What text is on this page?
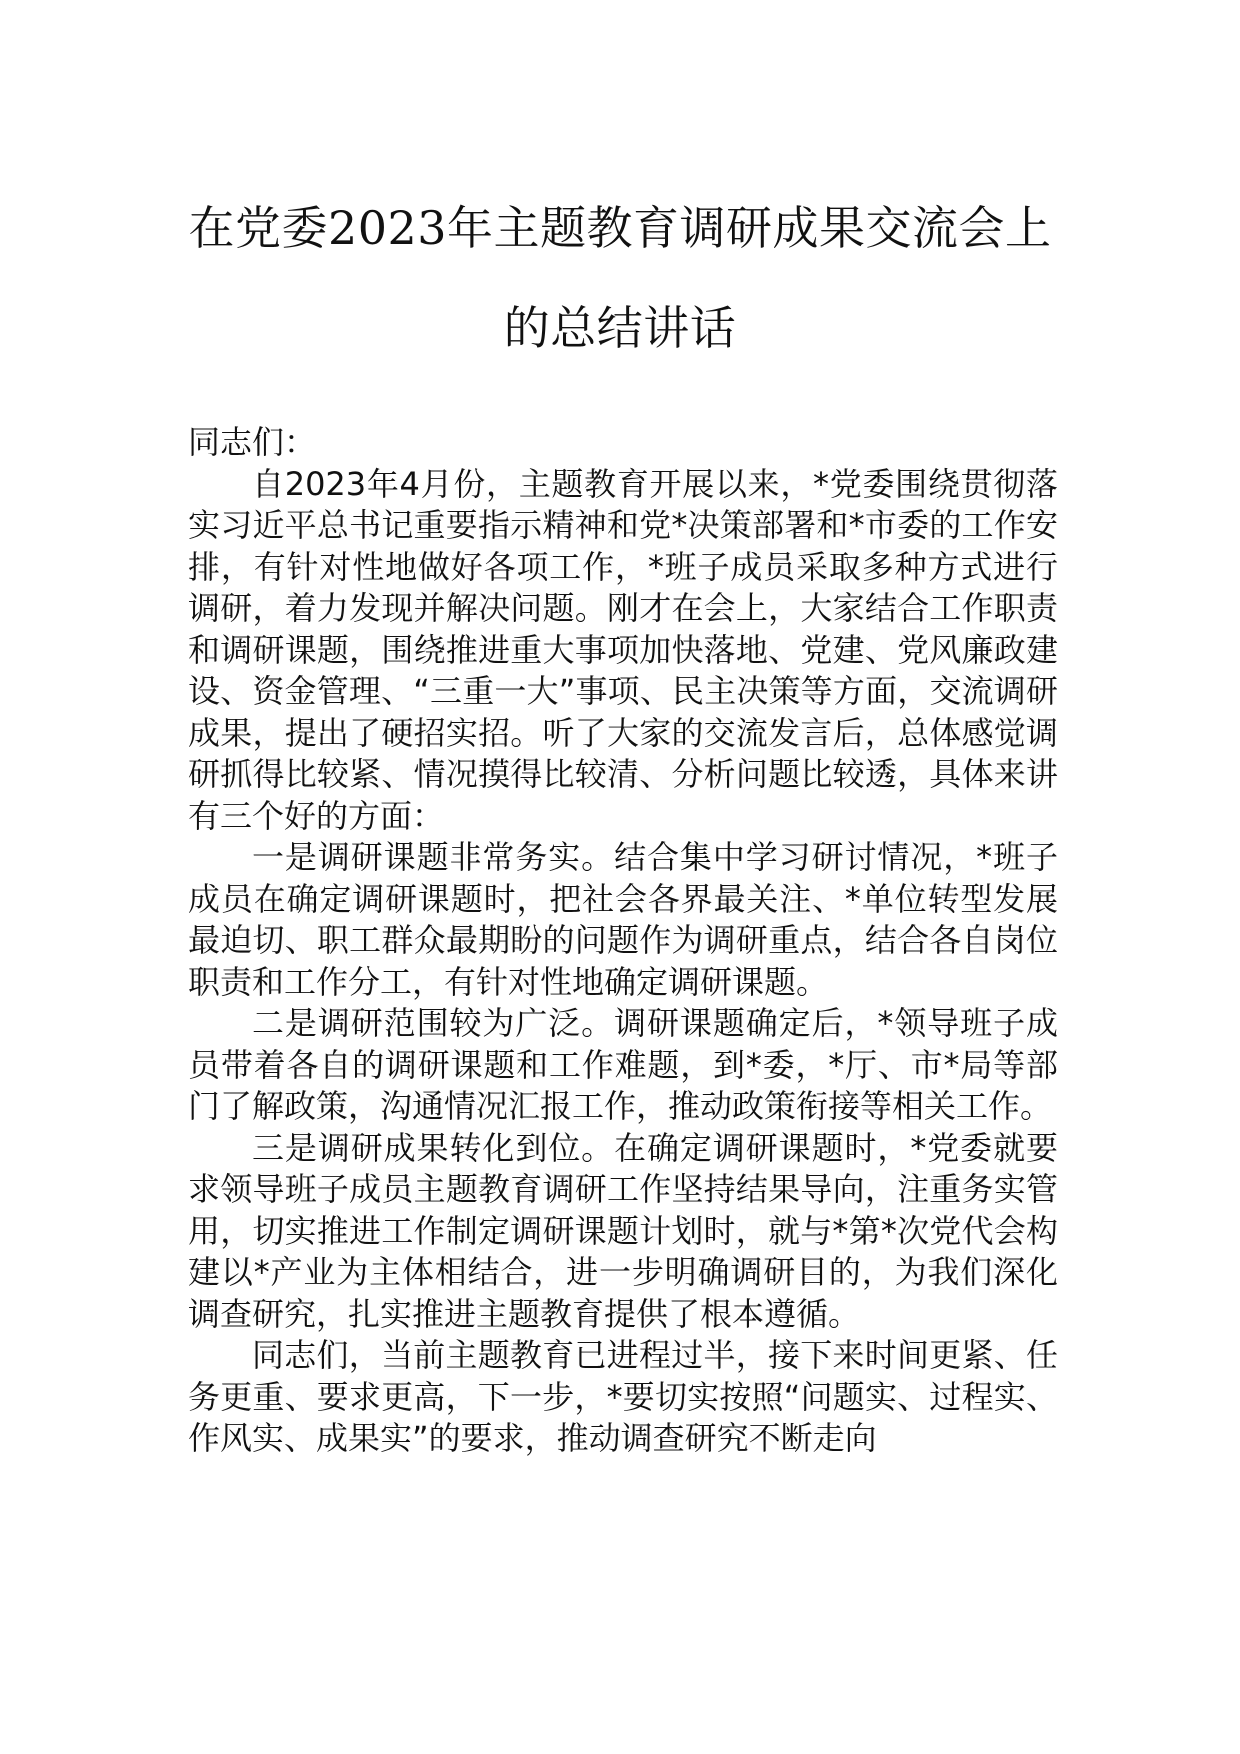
在党委2023年主题教育调研成果交流会上
的总结讲话

同志们：

自2023年4月份，主题教育开展以来，*党委围绕贯彻落实习近平总书记重要指示精神和党*决策部署和*市委的工作安排，有针对性地做好各项工作，*班子成员采取多种方式进行调研，着力发现并解决问题。刚才在会上，大家结合工作职责和调研课题，围绕推进重大事项加快落地、党建、党风廉政建设、资金管理、“三重一大”事项、民主决策等方面，交流调研成果，提出了硬招实招。听了大家的交流发言后，总体感觉调研抓得比较紧、情况摸得比较清、分析问题比较透，具体来讲有三个好的方面：

一是调研课题非常务实。结合集中学习研讨情况，*班子成员在确定调研课题时，把社会各界最关注、*单位转型发展最迫切、职工群众最期盼的问题作为调研重点，结合各自岗位职责和工作分工，有针对性地确定调研课题。

二是调研范围较为广泛。调研课题确定后，*领导班子成员带着各自的调研课题和工作难题，到*委，*厅、市*局等部门了解政策，沟通情况汇报工作，推动政策衔接等相关工作。

三是调研成果转化到位。在确定调研课题时，*党委就要求领导班子成员主题教育调研工作坚持结果导向，注重务实管用，切实推进工作制定调研课题计划时，就与*第*次党代会构建以*产业为主体相结合，进一步明确调研目的，为我们深化调查研究，扎实推进主题教育提供了根本遵循。

同志们，当前主题教育已进程过半，接下来时间更紧、任务更重、要求更高，下一步，*要切实按照“问题实、过程实、作风实、成果实”的要求，推动调查研究不断走向
